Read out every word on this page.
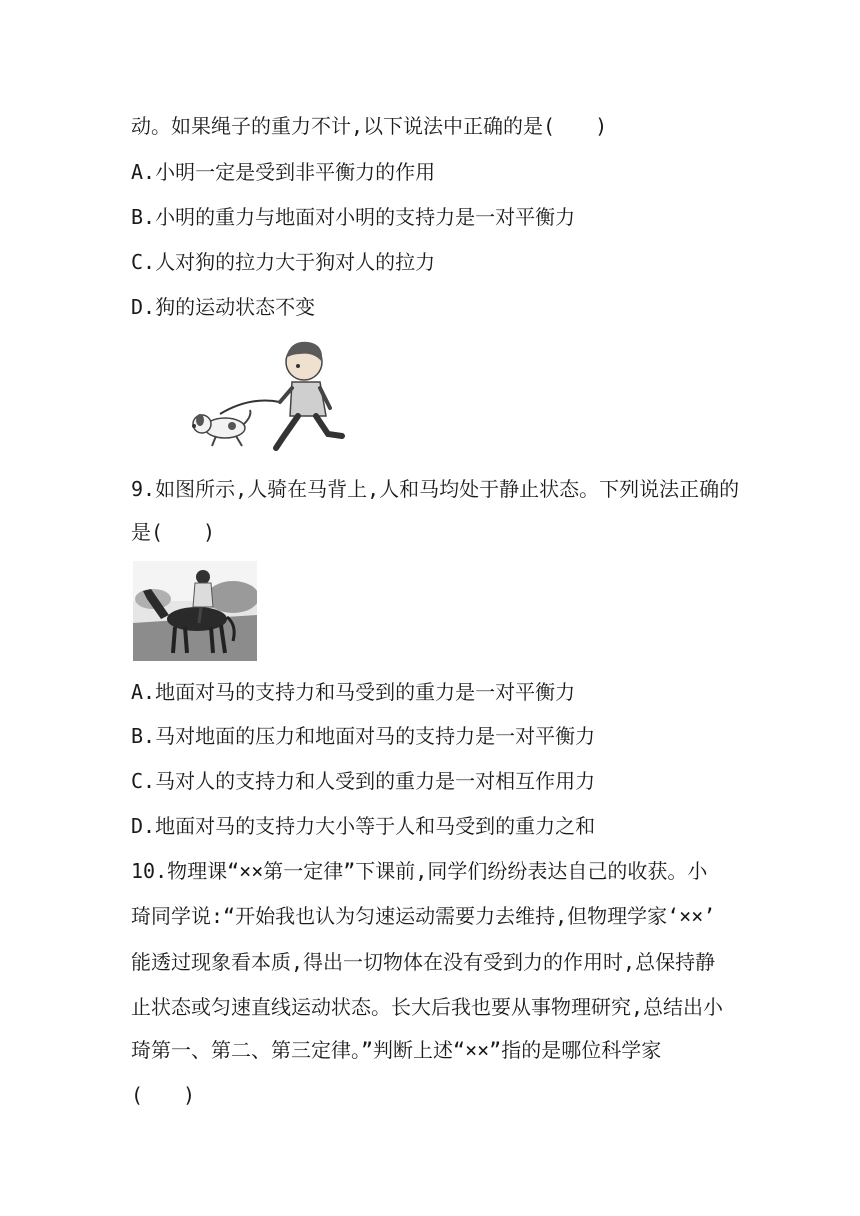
动。如果绳子的重力不计,以下说法中正确的是(　　)
A.小明一定是受到非平衡力的作用
B.小明的重力与地面对小明的支持力是一对平衡力
C.人对狗的拉力大于狗对人的拉力
D.狗的运动状态不变
9.如图所示,人骑在马背上,人和马均处于静止状态。下列说法正确的
是(　　)
A.地面对马的支持力和马受到的重力是一对平衡力
B.马对地面的压力和地面对马的支持力是一对平衡力
C.马对人的支持力和人受到的重力是一对相互作用力
D.地面对马的支持力大小等于人和马受到的重力之和
10.物理课“××第一定律”下课前,同学们纷纷表达自己的收获。小
琦同学说:“开始我也认为匀速运动需要力去维持,但物理学家‘××’
能透过现象看本质,得出一切物体在没有受到力的作用时,总保持静
止状态或匀速直线运动状态。长大后我也要从事物理研究,总结出小
琦第一、第二、第三定律。”判断上述“××”指的是哪位科学家
(　　)
